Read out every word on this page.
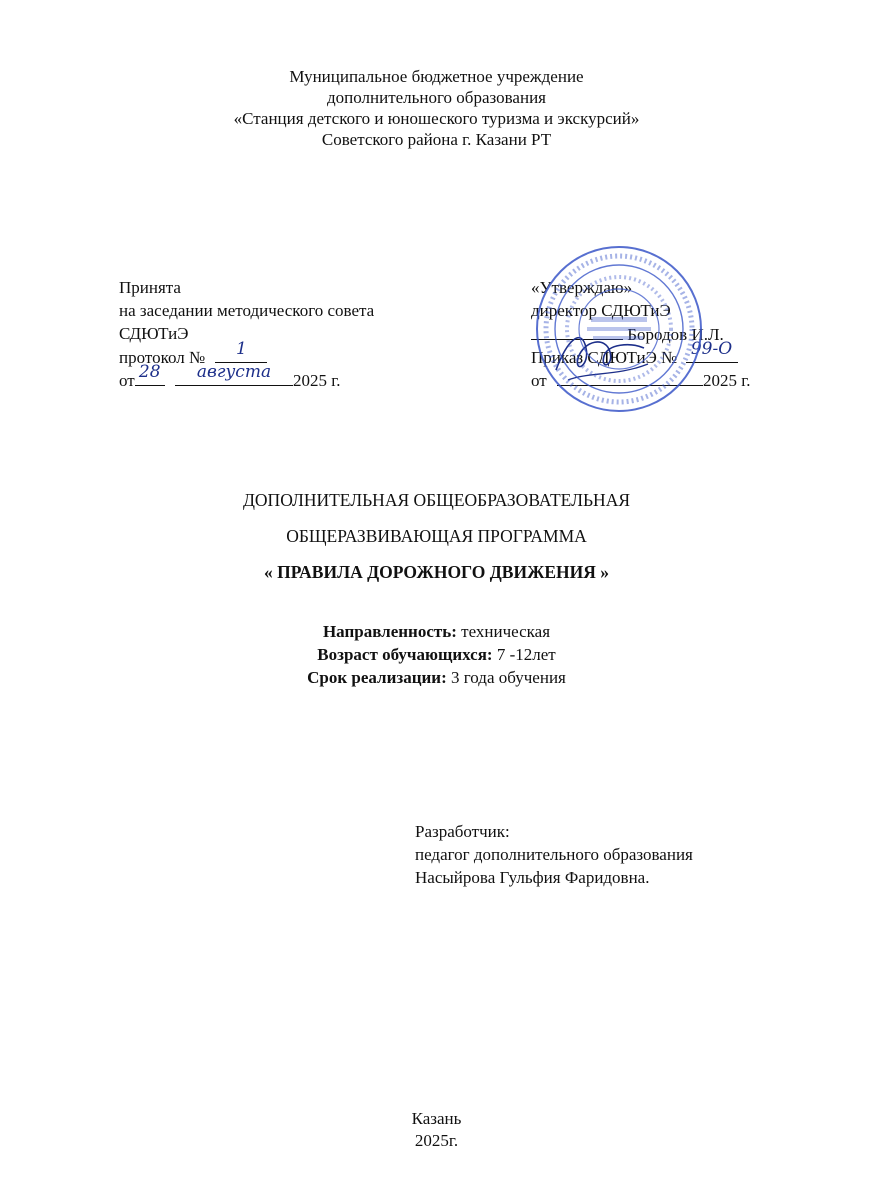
Муниципальное бюджетное учреждение
дополнительного образования
«Станция детского и юношеского туризма и экскурсий»
Советского района г. Казани РТ
Принята
на заседании методического совета
СДЮТиЭ
протокол №	1
от 28
	августа	2025 г.
«Утверждаю»
директор СДЮТиЭ
Бородов И.Л.
Приказ СДЮТиЭ № 99-О
от	2025 г.
ДОПОЛНИТЕЛЬНАЯ ОБЩЕОБРАЗОВАТЕЛЬНАЯ
ОБЩЕРАЗВИВАЮЩАЯ ПРОГРАММА
« ПРАВИЛА ДОРОЖНОГО ДВИЖЕНИЯ »
Направленность: техническая
Возраст обучающихся: 7 -12лет
Срок реализации: 3 года обучения
Разработчик:
педагог дополнительного образования
Насыйрова Гульфия Фаридовна.
Казань
2025г.
